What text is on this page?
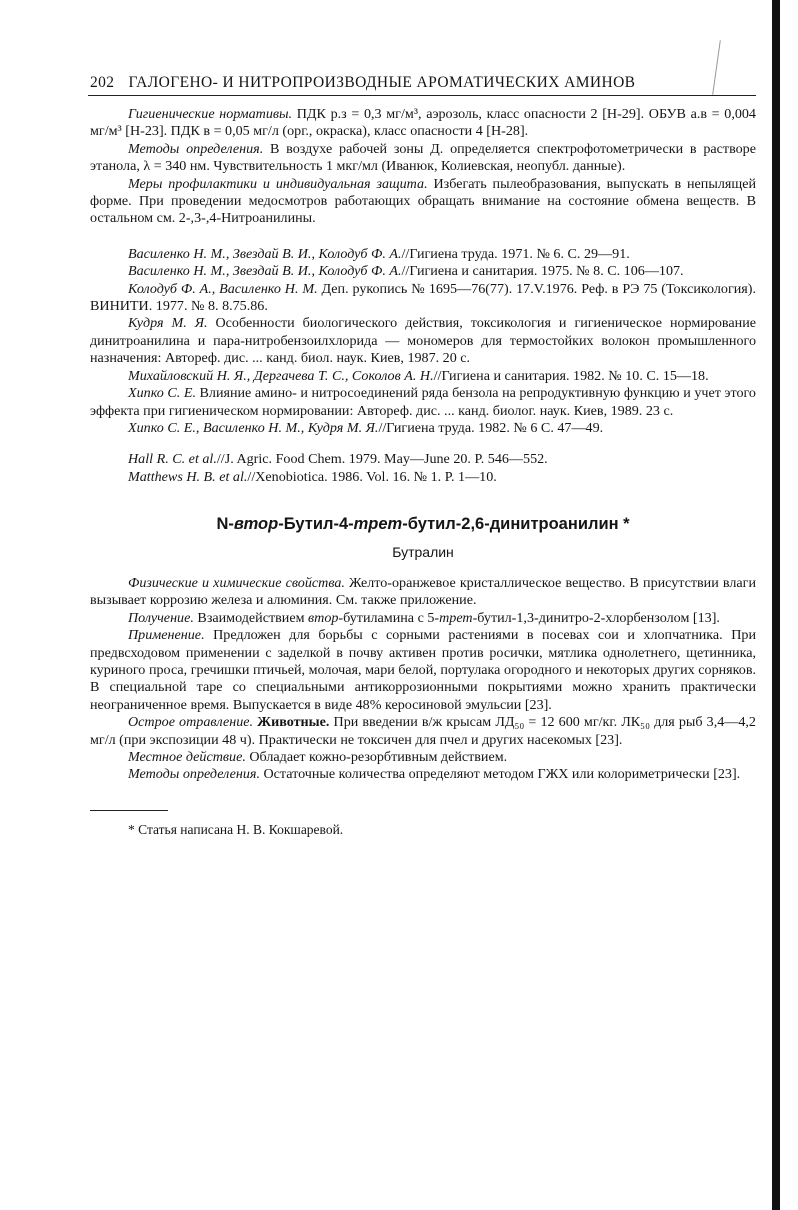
202 ГАЛОГЕНО- И НИТРОПРОИЗВОДНЫЕ АРОМАТИЧЕСКИХ АМИНОВ

Гигиенические нормативы. ПДК р.з = 0,3 мг/м³, аэрозоль, класс опасности 2 [Н-29]. ОБУВ а.в = 0,004 мг/м³ [Н-23]. ПДК в = 0,05 мг/л (орг., окраска), класс опасности 4 [Н-28].

Методы определения. В воздухе рабочей зоны Д. определяется спектрофотометрически в растворе этанола, λ = 340 нм. Чувствительность 1 мкг/мл (Иванюк, Колиевская, неопубл. данные).

Меры профилактики и индивидуальная защита. Избегать пылеобразования, выпускать в непылящей форме. При проведении медосмотров работающих обращать внимание на состояние обмена веществ. В остальном см. 2-,3-,4-Нитроанилины.

Василенко Н. М., Звездай В. И., Колодуб Ф. А.//Гигиена труда. 1971. № 6. С. 29—91.

Василенко Н. М., Звездай В. И., Колодуб Ф. А.//Гигиена и санитария. 1975. № 8. С. 106—107.

Колодуб Ф. А., Василенко Н. М. Деп. рукопись № 1695—76(77). 17.V.1976. Реф. в РЭ 75 (Токсикология). ВИНИТИ. 1977. № 8. 8.75.86.

Кудря М. Я. Особенности биологического действия, токсикология и гигиеническое нормирование динитроанилина и пара-нитробензоилхлорида — мономеров для термостойких волокон промышленного назначения: Автореф. дис. ... канд. биол. наук. Киев, 1987. 20 с.

Михайловский Н. Я., Дергачева Т. С., Соколов А. Н.//Гигиена и санитария. 1982. № 10. С. 15—18.

Хипко С. Е. Влияние амино- и нитросоединений ряда бензола на репродуктивную функцию и учет этого эффекта при гигиеническом нормировании: Автореф. дис. ... канд. биолог. наук. Киев, 1989. 23 с.

Хипко С. Е., Василенко Н. М., Кудря М. Я.//Гигиена труда. 1982. № 6 С. 47—49.

Hall R. C. et al.//J. Agric. Food Chem. 1979. May—June 20. P. 546—552.

Matthews H. B. et al.//Xenobiotica. 1986. Vol. 16. № 1. P. 1—10.

N-втор-Бутил-4-трет-бутил-2,6-динитроанилин *
Бутралин

Физические и химические свойства. Желто-оранжевое кристаллическое вещество. В присутствии влаги вызывает коррозию железа и алюминия. См. также приложение.

Получение. Взаимодействием втор-бутиламина с 5-трет-бутил-1,3-динитро-2-хлорбензолом [13].

Применение. Предложен для борьбы с сорными растениями в посевах сои и хлопчатника. При предвсходовом применении с заделкой в почву активен против росички, мятлика однолетнего, щетинника, куриного проса, гречишки птичьей, молочая, мари белой, портулака огородного и некоторых других сорняков. В специальной таре со специальными антикоррозионными покрытиями можно хранить практически неограниченное время. Выпускается в виде 48% керосиновой эмульсии [23].

Острое отравление. Животные. При введении в/ж крысам ЛД₅₀ = 12 600 мг/кг. ЛК₅₀ для рыб 3,4—4,2 мг/л (при экспозиции 48 ч). Практически не токсичен для пчел и других насекомых [23].

Местное действие. Обладает кожно-резорбтивным действием.

Методы определения. Остаточные количества определяют методом ГЖХ или колориметрически [23].

* Статья написана Н. В. Кокшаревой.
